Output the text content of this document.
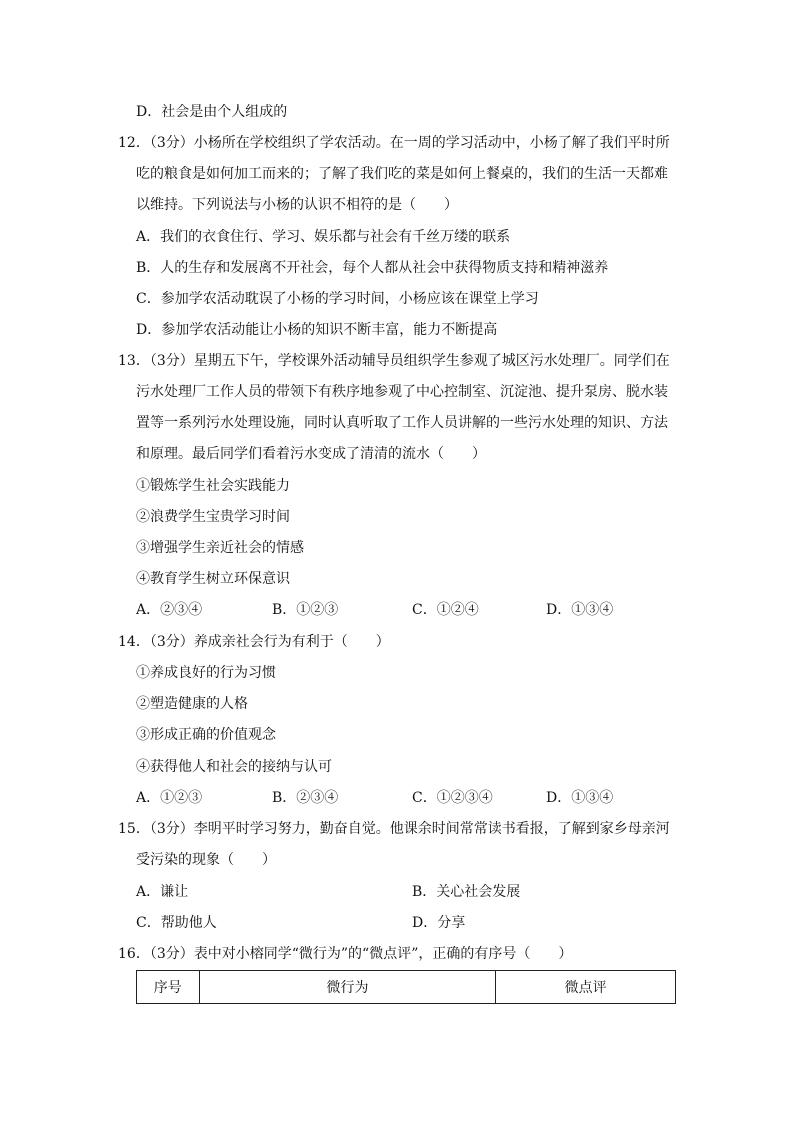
D．社会是由个人组成的
12．（3分）小杨所在学校组织了学农活动。在一周的学习活动中，小杨了解了我们平时所
吃的粮食是如何加工而来的；了解了我们吃的菜是如何上餐桌的，我们的生活一天都难
以维持。下列说法与小杨的认识不相符的是（　　）
A．我们的衣食住行、学习、娱乐都与社会有千丝万缕的联系
B．人的生存和发展离不开社会，每个人都从社会中获得物质支持和精神滋养
C．参加学农活动耽误了小杨的学习时间，小杨应该在课堂上学习
D．参加学农活动能让小杨的知识不断丰富，能力不断提高
13．（3分）星期五下午，学校课外活动辅导员组织学生参观了城区污水处理厂。同学们在
污水处理厂工作人员的带领下有秩序地参观了中心控制室、沉淀池、提升泵房、脱水装
置等一系列污水处理设施，同时认真听取了工作人员讲解的一些污水处理的知识、方法
和原理。最后同学们看着污水变成了清清的流水（　　）
①锻炼学生社会实践能力
②浪费学生宝贵学习时间
③增强学生亲近社会的情感
④教育学生树立环保意识
A．②③④	B．①②③	C．①②④	D．①③④
14．（3分）养成亲社会行为有利于（　　）
①养成良好的行为习惯
②塑造健康的人格
③形成正确的价值观念
④获得他人和社会的接纳与认可
A．①②③	B．②③④	C．①②③④	D．①③④
15．（3分）李明平时学习努力，勤奋自觉。他课余时间常常读书看报，了解到家乡母亲河
受污染的现象（　　）
A．谦让	B．关心社会发展
C．帮助他人	D．分享
16．（3分）表中对小榕同学“微行为”的“微点评”，正确的有序号（　　）
序号	微行为	微点评
